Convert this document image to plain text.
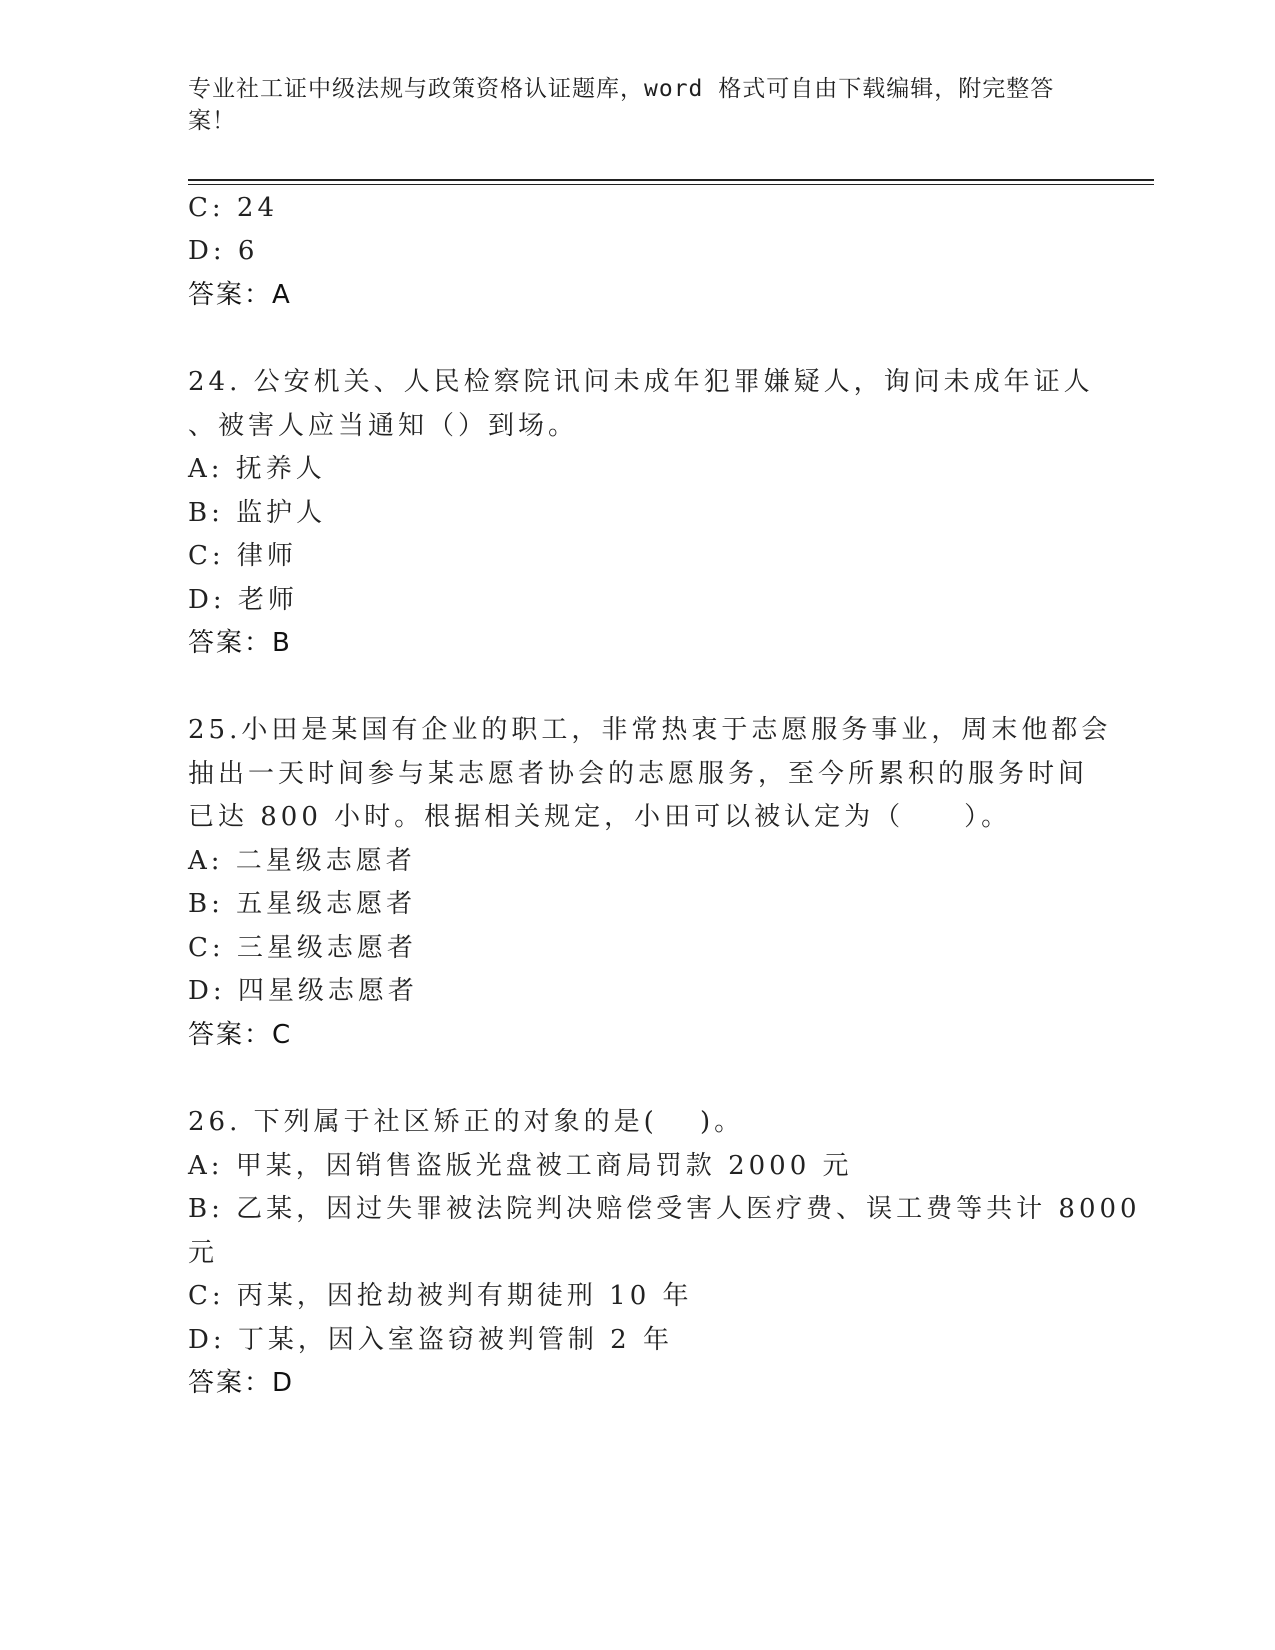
专业社工证中级法规与政策资格认证题库，word 格式可自由下载编辑，附完整答案！
C: 24
D: 6
答案：A
24. 公安机关、人民检察院讯问未成年犯罪嫌疑人，询问未成年证人
、被害人应当通知（）到场。
A: 抚养人
B: 监护人
C: 律师
D: 老师
答案：B
25.小田是某国有企业的职工，非常热衷于志愿服务事业，周末他都会
抽出一天时间参与某志愿者协会的志愿服务，至今所累积的服务时间
已达 800 小时。根据相关规定，小田可以被认定为（　　）。
A: 二星级志愿者
B: 五星级志愿者
C: 三星级志愿者
D: 四星级志愿者
答案：C
26. 下列属于社区矫正的对象的是(　 )。
A: 甲某，因销售盗版光盘被工商局罚款 2000 元
B: 乙某，因过失罪被法院判决赔偿受害人医疗费、误工费等共计 8000
元
C: 丙某，因抢劫被判有期徒刑 10 年
D: 丁某，因入室盗窃被判管制 2 年
答案：D
